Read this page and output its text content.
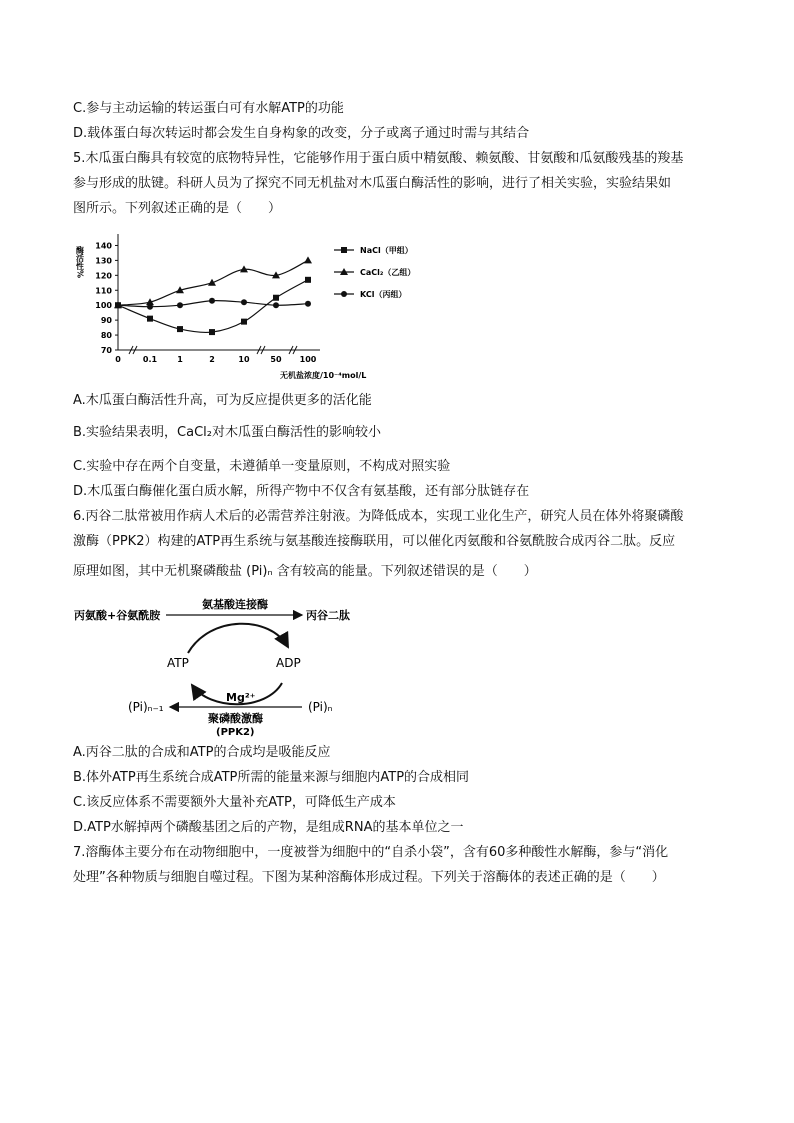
C.参与主动运输的转运蛋白可有水解ATP的功能
D.载体蛋白每次转运时都会发生自身构象的改变，分子或离子通过时需与其结合
5.木瓜蛋白酶具有较宽的底物特异性，它能够作用于蛋白质中精氨酸、赖氨酸、甘氨酸和瓜氨酸残基的羧基
参与形成的肽键。科研人员为了探究不同无机盐对木瓜蛋白酶活性的影响，进行了相关实验，实验结果如
图所示。下列叙述正确的是（　　）
70
80
90
100
110
120
130
140
0	0.1	1	2	10	50 100
酶活性%
无机盐浓度/10⁻⁴mol/L
NaCl（甲组）
CaCl₂（乙组）
KCl（丙组）
A.木瓜蛋白酶活性升高，可为反应提供更多的活化能
B.实验结果表明，CaCl₂对木瓜蛋白酶活性的影响较小
C.实验中存在两个自变量，未遵循单一变量原则，不构成对照实验
D.木瓜蛋白酶催化蛋白质水解，所得产物中不仅含有氨基酸，还有部分肽链存在
6.丙谷二肽常被用作病人术后的必需营养注射液。为降低成本，实现工业化生产，研究人员在体外将聚磷酸
激酶（PPK2）构建的ATP再生系统与氨基酸连接酶联用，可以催化丙氨酸和谷氨酰胺合成丙谷二肽。反应
原理如图，其中无机聚磷酸盐 (Pi)ₙ 含有较高的能量。下列叙述错误的是（　　）
丙氨酸+谷氨酰胺
氨基酸连接酶
丙谷二肽
ATP	ADP
Mg²⁺
(Pi)ₙ₋₁	(Pi)ₙ
聚磷酸激酶
(PPK2)
A.丙谷二肽的合成和ATP的合成均是吸能反应
B.体外ATP再生系统合成ATP所需的能量来源与细胞内ATP的合成相同
C.该反应体系不需要额外大量补充ATP，可降低生产成本
D.ATP水解掉两个磷酸基团之后的产物，是组成RNA的基本单位之一
7.溶酶体主要分布在动物细胞中，一度被誉为细胞中的“自杀小袋”，含有60多种酸性水解酶，参与“消化
处理”各种物质与细胞自噬过程。下图为某种溶酶体形成过程。下列关于溶酶体的表述正确的是（　　）
